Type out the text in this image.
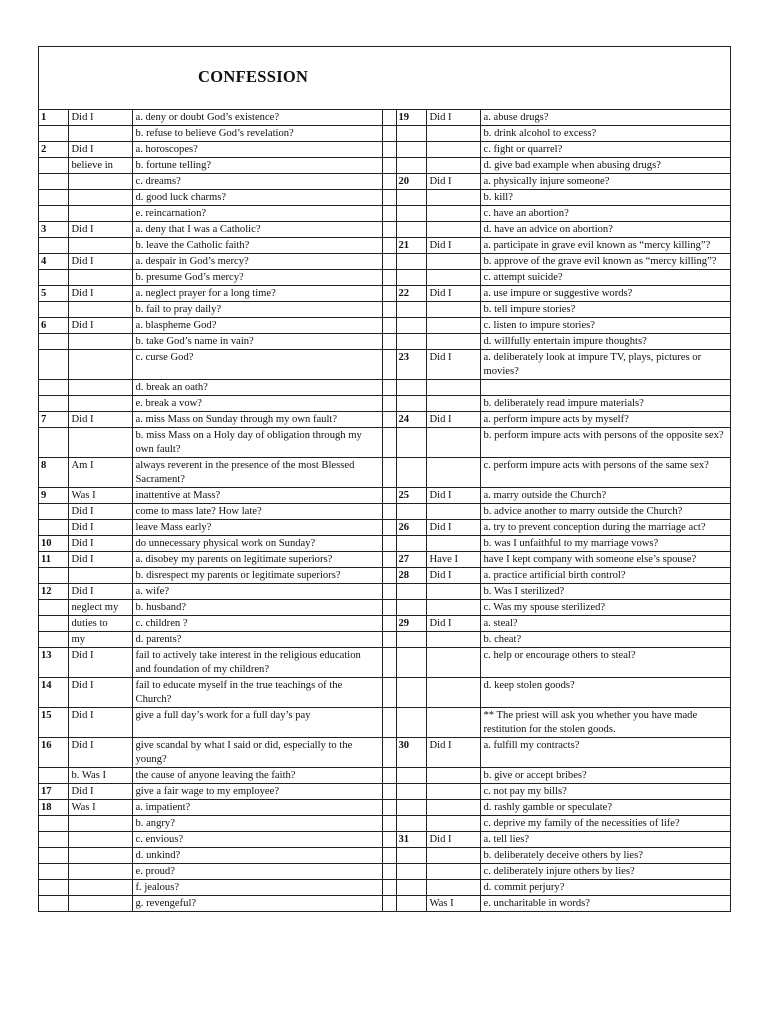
CONFESSION
1	Did I	a. deny or doubt God’s existence?		19	Did I	a. abuse drugs?
		b. refuse to believe God’s revelation?				b. drink alcohol to excess?
2	Did I	a. horoscopes?				c. fight or quarrel?
	believe in	b. fortune telling?				d. give bad example when abusing drugs?
		c. dreams?		20	Did I	a. physically injure someone?
		d. good luck charms?				b. kill?
		e. reincarnation?				c. have an abortion?
3	Did I	a. deny that I was a Catholic?				d. have an advice on abortion?
		b. leave the Catholic faith?		21	Did I	a. participate in grave evil known as “mercy killing”?
4	Did I	a. despair in God’s mercy?				b. approve of the grave evil known as “mercy killing”?
		b. presume God’s mercy?				c. attempt suicide?
5	Did I	a. neglect prayer for a long time?		22	Did I	a. use impure or suggestive words?
		b. fail to pray daily?				b. tell impure stories?
6	Did I	a. blaspheme God?				c. listen to impure stories?
		b. take God’s name in vain?				d. willfully entertain impure thoughts?
		c. curse God?		23	Did I	a. deliberately look at impure TV, plays, pictures or movies?
		d. break an oath?				
		e. break a vow?				b. deliberately read impure materials?
7	Did I	a. miss Mass on Sunday through my own fault?		24	Did I	a. perform impure acts by myself?
		b. miss Mass on a Holy day of obligation through my own fault?				b. perform impure acts with persons of the opposite sex?
8	Am I	always reverent in the presence of the most Blessed Sacrament?				c. perform impure acts with persons of the same sex?
9	Was I	inattentive at Mass?		25	Did I	a. marry outside the Church?
	Did I	come to mass late? How late?				b. advice another to marry outside the Church?
	Did I	leave Mass early?		26	Did I	a. try to prevent conception during the marriage act?
10	Did I	do unnecessary physical work on Sunday?				b. was I unfaithful to my marriage vows?
11	Did I	a. disobey my parents on legitimate superiors?		27	Have I	have I kept company with someone else’s spouse?
		b. disrespect my parents or legitimate superiors?		28	Did I	a. practice artificial birth control?
12	Did I	a. wife?				b. Was I sterilized?
	neglect my	b. husband?				c. Was my spouse sterilized?
	duties to	c. children ?		29	Did I	a. steal?
	my	d. parents?				b. cheat?
13	Did I	fail to actively take interest in the religious education and foundation of my children?				c. help or encourage others to steal?
14	Did I	fail to educate myself in the true teachings of the Church?				d. keep stolen goods?
15	Did I	give a full day’s work for a full day’s pay				** The priest will ask you whether you have made restitution for the stolen goods.
16	Did I	give scandal by what I said or did, especially to the young?		30	Did I	a. fulfill my contracts?
	b. Was I	the cause of anyone leaving the faith?				b. give or accept bribes?
17	Did I	give a fair wage to my employee?				c. not pay my bills?
18	Was I	a. impatient?				d. rashly gamble or speculate?
		b. angry?				c. deprive my family of the necessities of life?
		c. envious?		31	Did I	a. tell lies?
		d. unkind?				b. deliberately deceive others by lies?
		e. proud?				c. deliberately injure others by lies?
		f. jealous?				d. commit perjury?
		g. revengeful?			Was I	e. uncharitable in words?
